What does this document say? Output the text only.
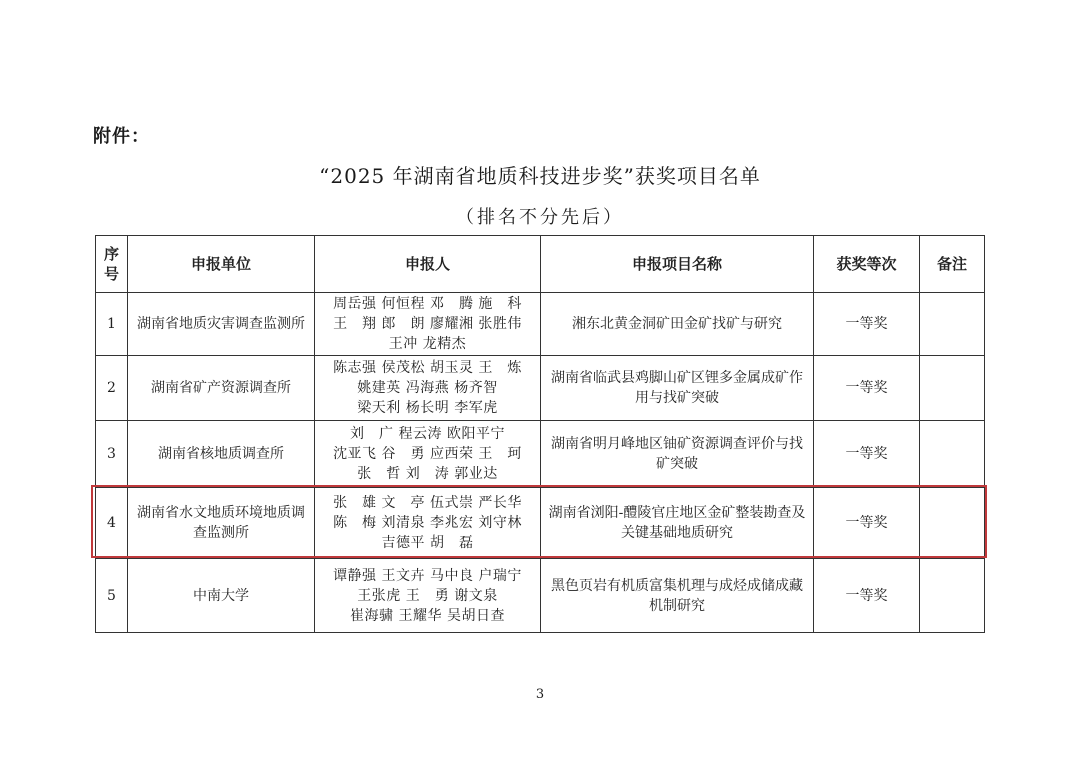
附件：
“2025 年湖南省地质科技进步奖”获奖项目名单
（排名不分先后）
序
号	申报单位	申报人	申报项目名称	获奖等次	备注
1	湖南省地质灾害调查监测所	周岳强 何恒程 邓　腾 施　科
王　翔 郎　朗 廖耀湘 张胜伟
王冲 龙精杰	湘东北黄金洞矿田金矿找矿与研究	一等奖	
2	湖南省矿产资源调查所	陈志强 侯茂松 胡玉灵 王　炼
姚建英 冯海燕 杨齐智
梁天利 杨长明 李军虎	湖南省临武县鸡脚山矿区锂多金属成矿作用与找矿突破	一等奖	
3	湖南省核地质调查所	刘　广 程云涛 欧阳平宁
沈亚飞 谷　勇 应西荣 王　珂
张　哲 刘　涛 郭业达	湖南省明月峰地区铀矿资源调查评价与找矿突破	一等奖	
4	湖南省水文地质环境地质调查监测所	张　雄 文　亭 伍式崇 严长华
陈　梅 刘清泉 李兆宏 刘守林
吉德平 胡　磊	湖南省浏阳-醴陵官庄地区金矿整装勘查及关键基础地质研究	一等奖	
5	中南大学	谭静强 王文卉 马中良 户瑞宁
王张虎 王　勇 谢文泉
崔海骕 王耀华 吴胡日查	黑色页岩有机质富集机理与成烃成储成藏机制研究	一等奖	
3
